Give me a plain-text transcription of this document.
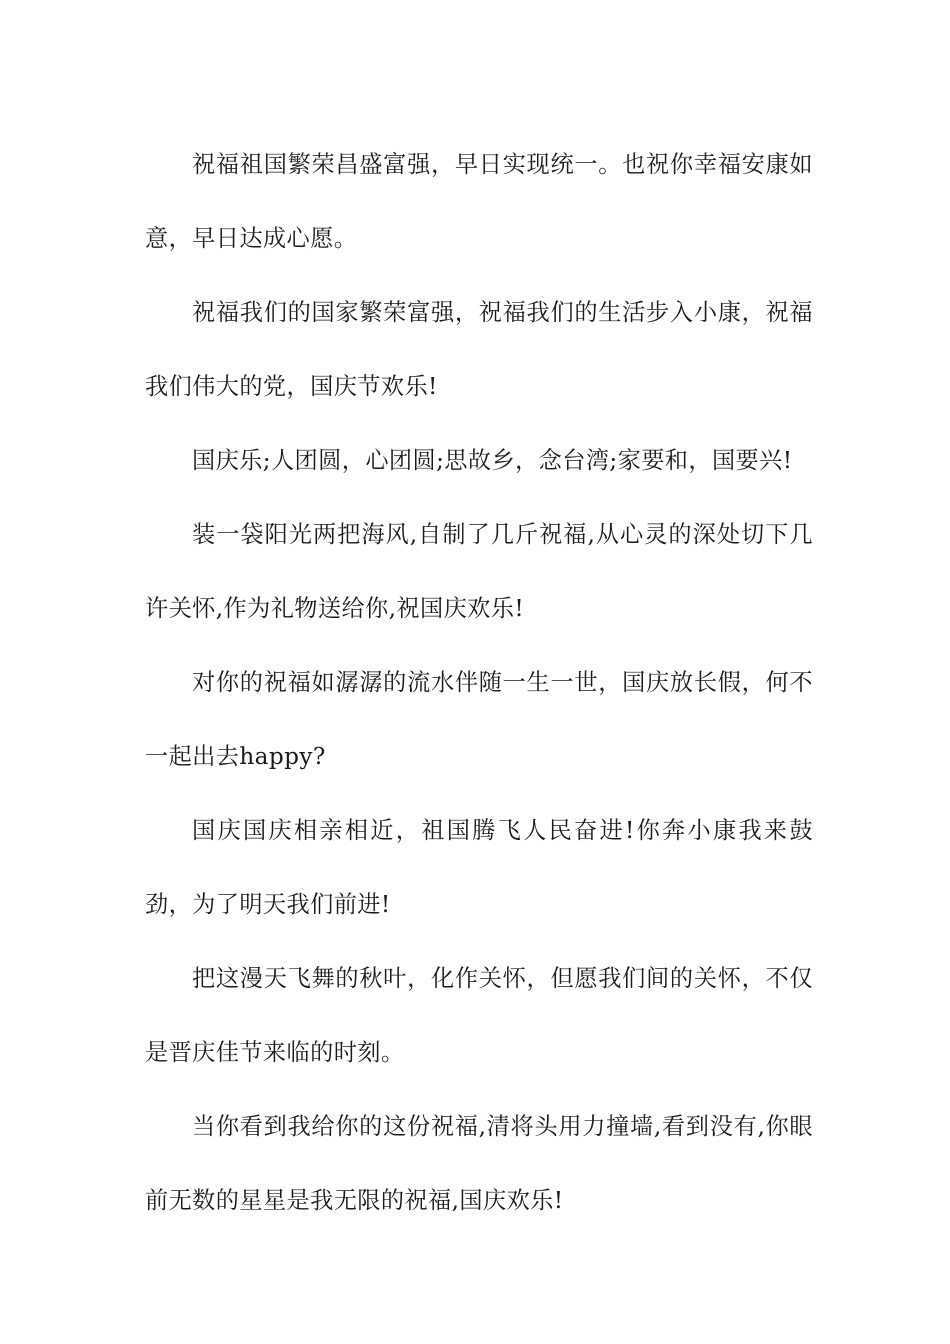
祝福祖国繁荣昌盛富强，早日实现统一。也祝你幸福安康如意，早日达成心愿。

祝福我们的国家繁荣富强，祝福我们的生活步入小康，祝福我们伟大的党，国庆节欢乐!

国庆乐;人团圆，心团圆;思故乡，念台湾;家要和，国要兴!

装一袋阳光两把海风,自制了几斤祝福,从心灵的深处切下几许关怀,作为礼物送给你,祝国庆欢乐!

对你的祝福如潺潺的流水伴随一生一世，国庆放长假，何不一起出去happy?

国庆国庆相亲相近，祖国腾飞人民奋进!你奔小康我来鼓劲，为了明天我们前进!

把这漫天飞舞的秋叶，化作关怀，但愿我们间的关怀，不仅是晋庆佳节来临的时刻。

当你看到我给你的这份祝福,清将头用力撞墙,看到没有,你眼前无数的星星是我无限的祝福,国庆欢乐!
